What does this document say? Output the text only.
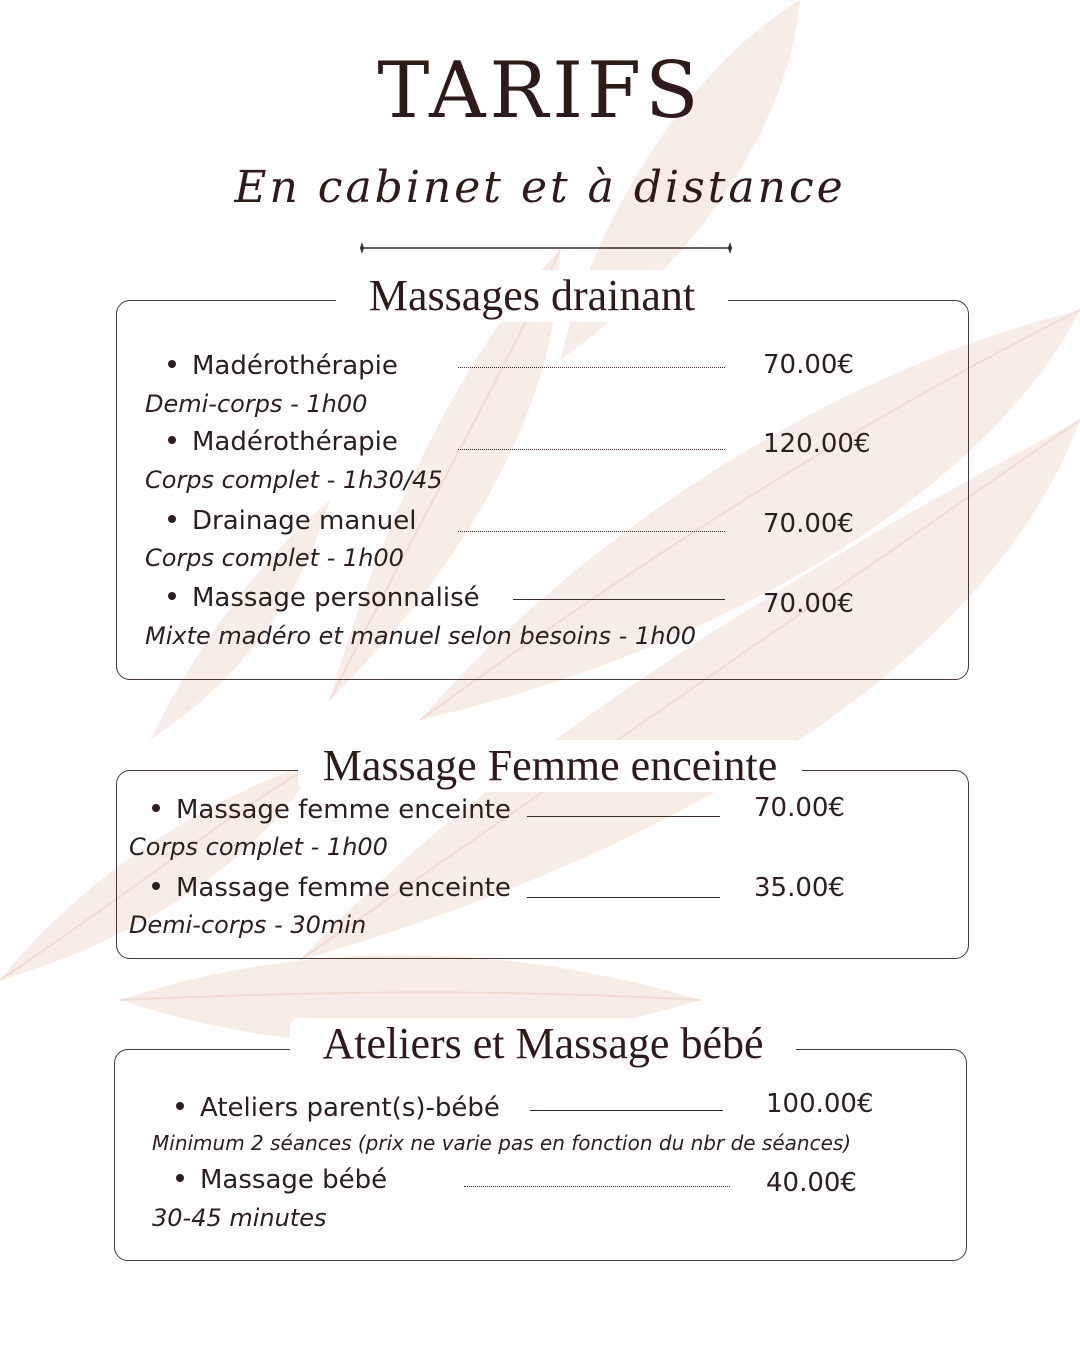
TARIFS
En cabinet et à distance
Massages drainant
Madérothérapie	70.00€
Demi-corps - 1h00
Madérothérapie	120.00€
Corps complet - 1h30/45
Drainage manuel	70.00€
Corps complet - 1h00
Massage personnalisé	70.00€
Mixte madéro et manuel selon besoins - 1h00
Massage Femme enceinte
Massage femme enceinte	70.00€
Corps complet - 1h00
Massage femme enceinte	35.00€
Demi-corps - 30min
Ateliers et Massage bébé
Ateliers parent(s)-bébé	100.00€
Minimum 2 séances (prix ne varie pas en fonction du nbr de séances)
Massage bébé	40.00€
30-45 minutes
